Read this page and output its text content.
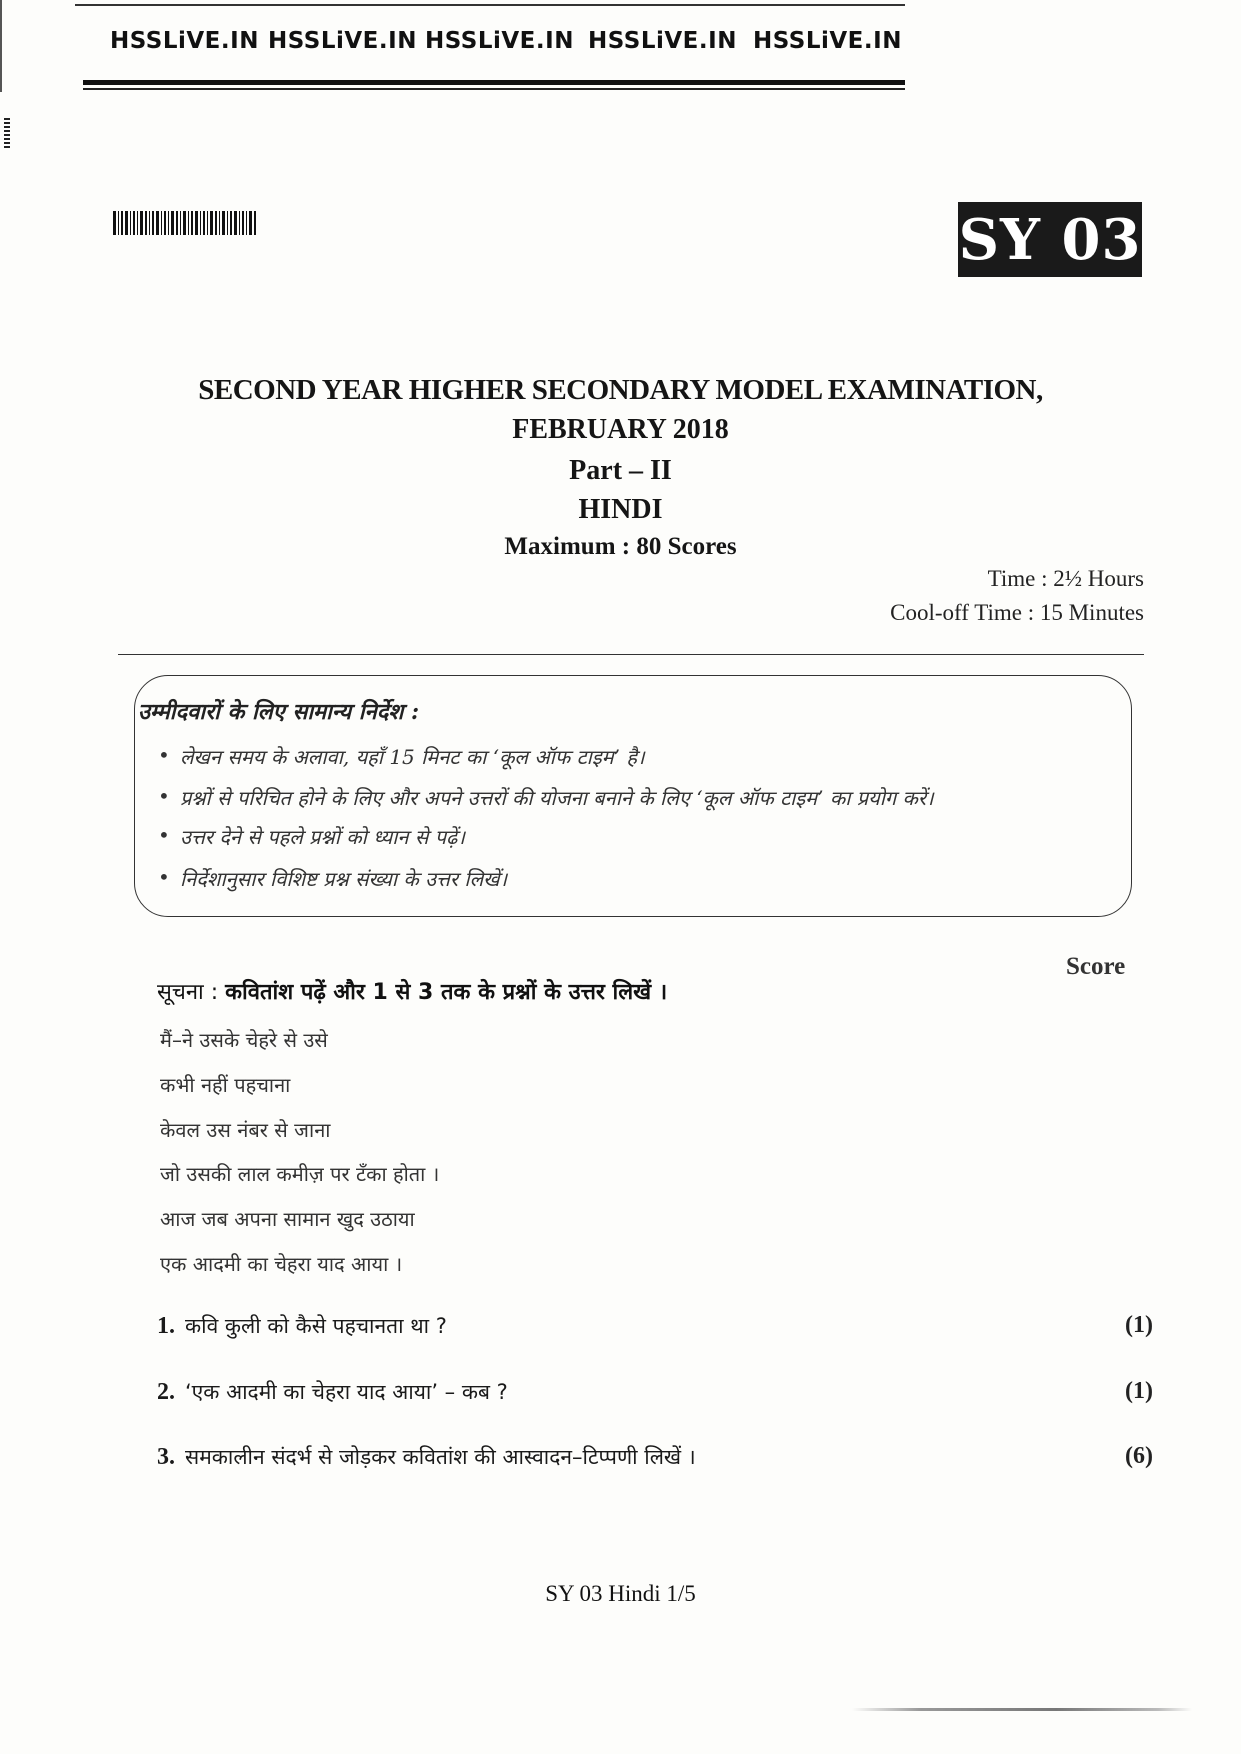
HSSLiVE.IN HSSLiVE.IN HSSLiVE.IN HSSLiVE.IN HSSLiVE.IN
SY 03
SECOND YEAR HIGHER SECONDARY MODEL EXAMINATION,
FEBRUARY 2018
Part – II
HINDI
Maximum : 80 Scores
Time : 2½ Hours
Cool-off Time : 15 Minutes
उम्मीदवारों के लिए सामान्य निर्देश :
• लेखन समय के अलावा, यहाँ 15 मिनट का ‘कूल ऑफ टाइम’ है।
• प्रश्नों से परिचित होने के लिए और अपने उत्तरों की योजना बनाने के लिए ‘कूल ऑफ टाइम’ का प्रयोग करें।
• उत्तर देने से पहले प्रश्नों को ध्यान से पढ़ें।
• निर्देशानुसार विशिष्ट प्रश्न संख्या के उत्तर लिखें।
Score
सूचना : कवितांश पढ़ें और 1 से 3 तक के प्रश्नों के उत्तर लिखें ।
मैं–ने उसके चेहरे से उसे
कभी नहीं पहचाना
केवल उस नंबर से जाना
जो उसकी लाल कमीज़ पर टँका होता ।
आज जब अपना सामान खुद उठाया
एक आदमी का चेहरा याद आया ।
1. कवि कुली को कैसे पहचानता था ?	(1)
2. ‘एक आदमी का चेहरा याद आया’ – कब ?	(1)
3. समकालीन संदर्भ से जोड़कर कवितांश की आस्वादन–टिप्पणी लिखें ।	(6)
SY 03 Hindi 1/5
